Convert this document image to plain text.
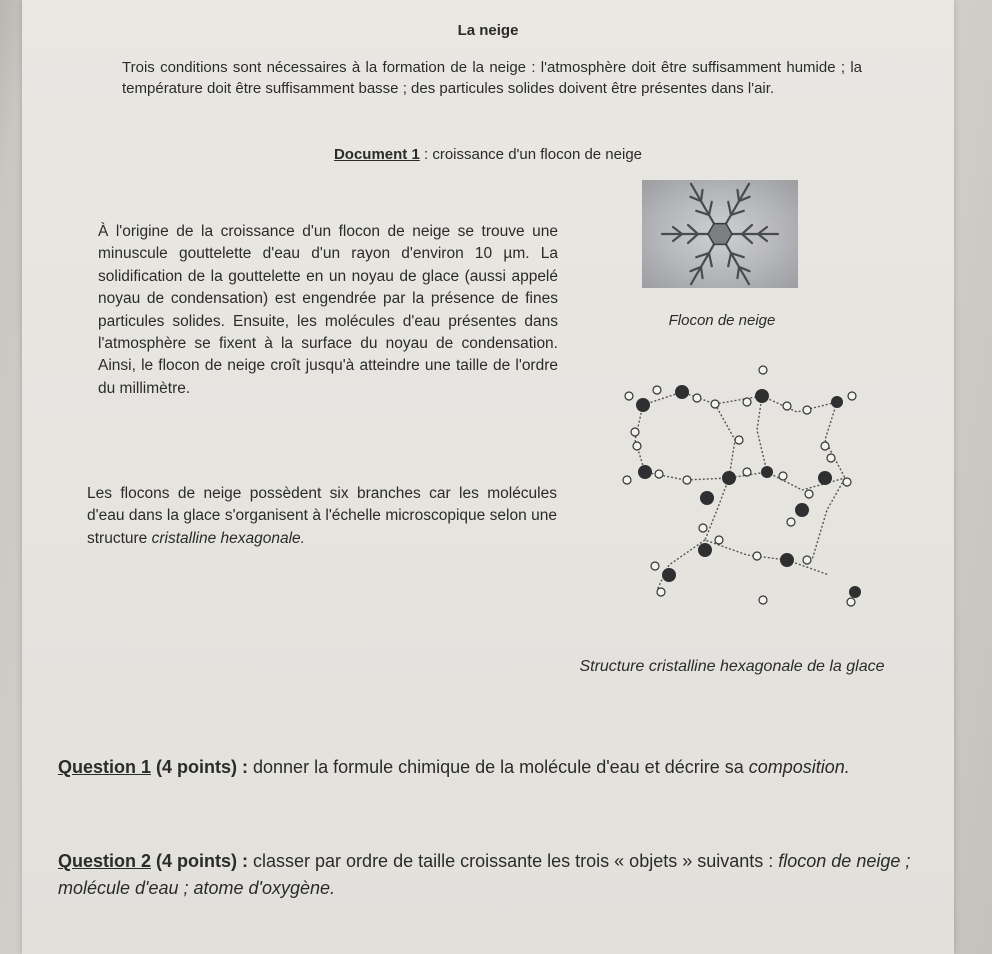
La neige
Trois conditions sont nécessaires à la formation de la neige : l'atmosphère doit être suffisamment humide ; la température doit être suffisamment basse ; des particules solides doivent être présentes dans l'air.
Document 1 : croissance d'un flocon de neige
À l'origine de la croissance d'un flocon de neige se trouve une minuscule gouttelette d'eau d'un rayon d'environ 10 µm. La solidification de la gouttelette en un noyau de glace (aussi appelé noyau de condensation) est engendrée par la présence de fines particules solides. Ensuite, les molécules d'eau présentes dans l'atmosphère se fixent à la surface du noyau de condensation. Ainsi, le flocon de neige croît jusqu'à atteindre une taille de l'ordre du millimètre.
Les flocons de neige possèdent six branches car les molécules d'eau dans la glace s'organisent à l'échelle microscopique selon une structure cristalline hexagonale.
Flocon de neige
Structure cristalline hexagonale de la glace
Question 1 (4 points) : donner la formule chimique de la molécule d'eau et décrire sa composition.
Question 2 (4 points) : classer par ordre de taille croissante les trois « objets » suivants : flocon de neige ; molécule d'eau ; atome d'oxygène.
